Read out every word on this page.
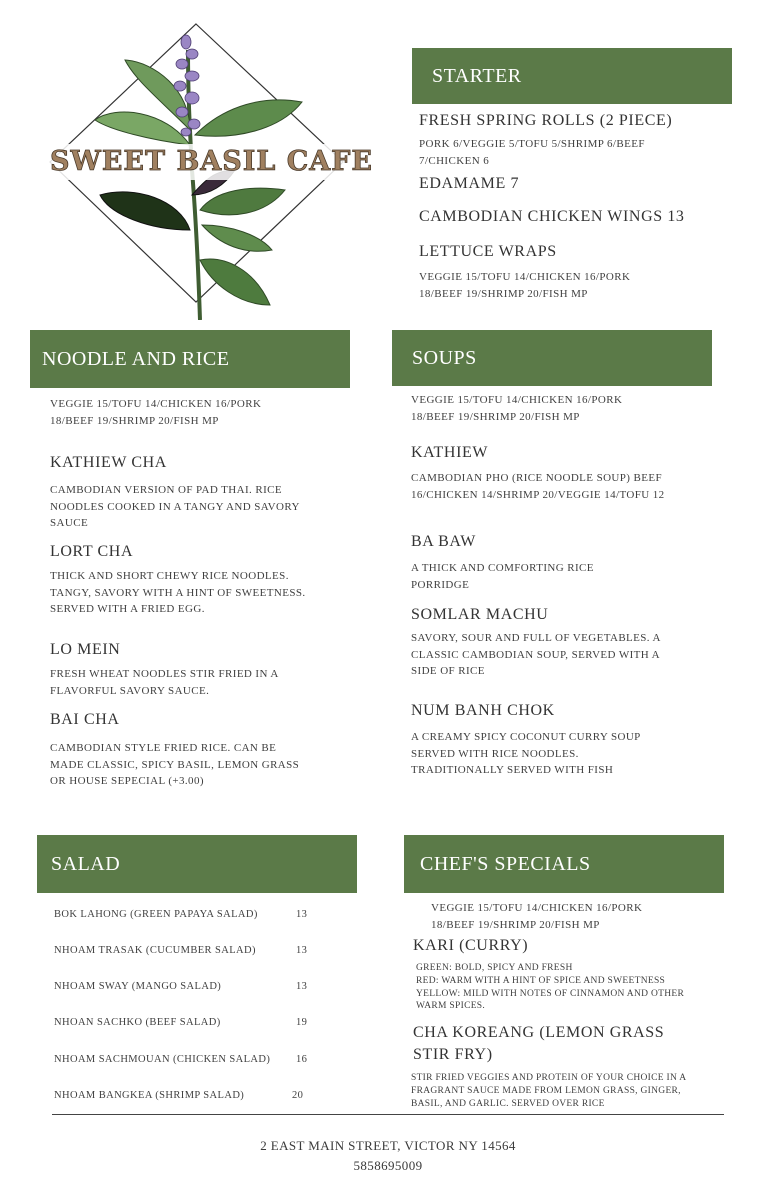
SWEET BASIL CAFE
STARTER
FRESH SPRING ROLLS (2 PIECE)
PORK 6/VEGGIE 5/TOFU 5/SHRIMP 6/BEEF 7/CHICKEN 6
EDAMAME 7
CAMBODIAN CHICKEN WINGS 13
LETTUCE WRAPS
VEGGIE 15/TOFU 14/CHICKEN 16/PORK 18/BEEF 19/SHRIMP 20/FISH MP
NOODLE AND RICE
VEGGIE 15/TOFU 14/CHICKEN 16/PORK 18/BEEF 19/SHRIMP 20/FISH MP
KATHIEW CHA
CAMBODIAN VERSION OF PAD THAI. RICE NOODLES COOKED IN A TANGY AND SAVORY SAUCE
LORT CHA
THICK AND SHORT CHEWY RICE NOODLES. TANGY, SAVORY WITH A HINT OF SWEETNESS. SERVED WITH A FRIED EGG.
LO MEIN
FRESH WHEAT NOODLES STIR FRIED IN A FLAVORFUL SAVORY SAUCE.
BAI CHA
CAMBODIAN STYLE FRIED RICE. CAN BE MADE CLASSIC, SPICY BASIL, LEMON GRASS OR HOUSE SEPECIAL (+3.00)
SOUPS
VEGGIE 15/TOFU 14/CHICKEN 16/PORK 18/BEEF 19/SHRIMP 20/FISH MP
KATHIEW
CAMBODIAN PHO (RICE NOODLE SOUP) BEEF 16/CHICKEN 14/SHRIMP 20/VEGGIE 14/TOFU 12
BA BAW
A THICK AND COMFORTING RICE PORRIDGE
SOMLAR MACHU
SAVORY, SOUR AND FULL OF VEGETABLES. A CLASSIC CAMBODIAN SOUP, SERVED WITH A SIDE OF RICE
NUM BANH CHOK
A CREAMY SPICY COCONUT CURRY SOUP SERVED WITH RICE NOODLES. TRADITIONALLY SERVED WITH FISH
SALAD
BOK LAHONG (GREEN PAPAYA SALAD)	13
NHOAM TRASAK (CUCUMBER SALAD)	13
NHOAM SWAY (MANGO SALAD)	13
NHOAN SACHKO (BEEF SALAD)	19
NHOAM SACHMOUAN (CHICKEN SALAD) 16
NHOAM BANGKEA (SHRIMP SALAD)	20
CHEF'S SPECIALS
VEGGIE 15/TOFU 14/CHICKEN 16/PORK 18/BEEF 19/SHRIMP 20/FISH MP
KARI (CURRY)
GREEN: BOLD, SPICY AND FRESH
RED: WARM WITH A HINT OF SPICE AND SWEETNESS
YELLOW: MILD WITH NOTES OF CINNAMON AND OTHER WARM SPICES.
CHA KOREANG (LEMON GRASS STIR FRY)
STIR FRIED VEGGIES AND PROTEIN OF YOUR CHOICE IN A FRAGRANT SAUCE MADE FROM LEMON GRASS, GINGER, BASIL, AND GARLIC. SERVED OVER RICE
2 EAST MAIN STREET, VICTOR NY 14564
5858695009
